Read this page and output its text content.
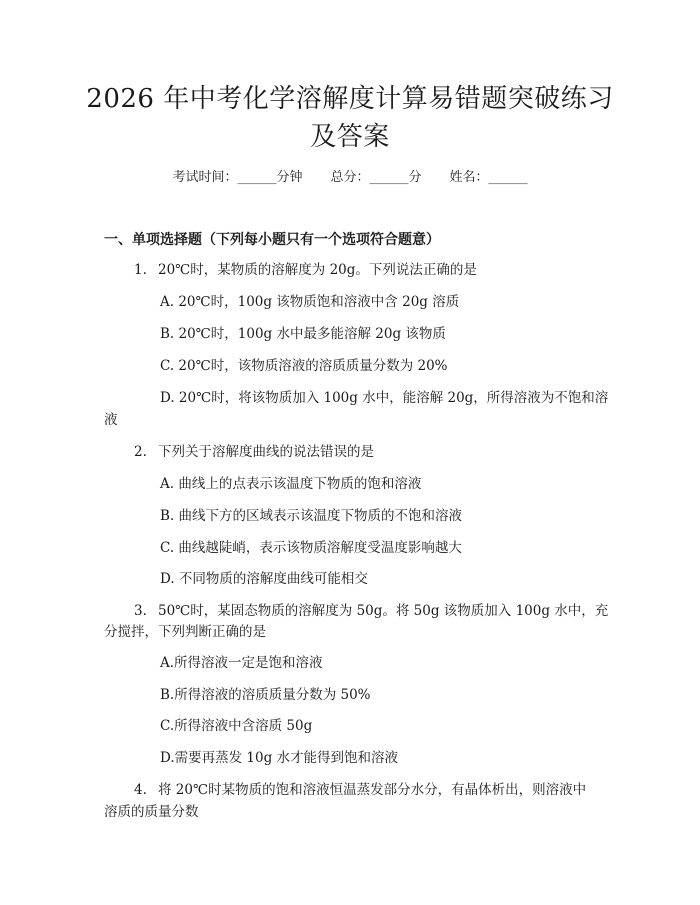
2026 年中考化学溶解度计算易错题突破练习
及答案
考试时间：______分钟 总分：______分 姓名：______
一、单项选择题（下列每小题只有一个选项符合题意）
1. 20℃时，某物质的溶解度为 20g。下列说法正确的是
A. 20℃时，100g 该物质饱和溶液中含 20g 溶质
B. 20℃时，100g 水中最多能溶解 20g 该物质
C. 20℃时，该物质溶液的溶质质量分数为 20%
D. 20℃时，将该物质加入 100g 水中，能溶解 20g，所得溶液为不饱和溶
液
2. 下列关于溶解度曲线的说法错误的是
A. 曲线上的点表示该温度下物质的饱和溶液
B. 曲线下方的区域表示该温度下物质的不饱和溶液
C. 曲线越陡峭，表示该物质溶解度受温度影响越大
D. 不同物质的溶解度曲线可能相交
3. 50℃时，某固态物质的溶解度为 50g。将 50g 该物质加入 100g 水中，充
分搅拌，下列判断正确的是
A.所得溶液一定是饱和溶液
B.所得溶液的溶质质量分数为 50%
C.所得溶液中含溶质 50g
D.需要再蒸发 10g 水才能得到饱和溶液
4. 将 20℃时某物质的饱和溶液恒温蒸发部分水分，有晶体析出，则溶液中
溶质的质量分数
